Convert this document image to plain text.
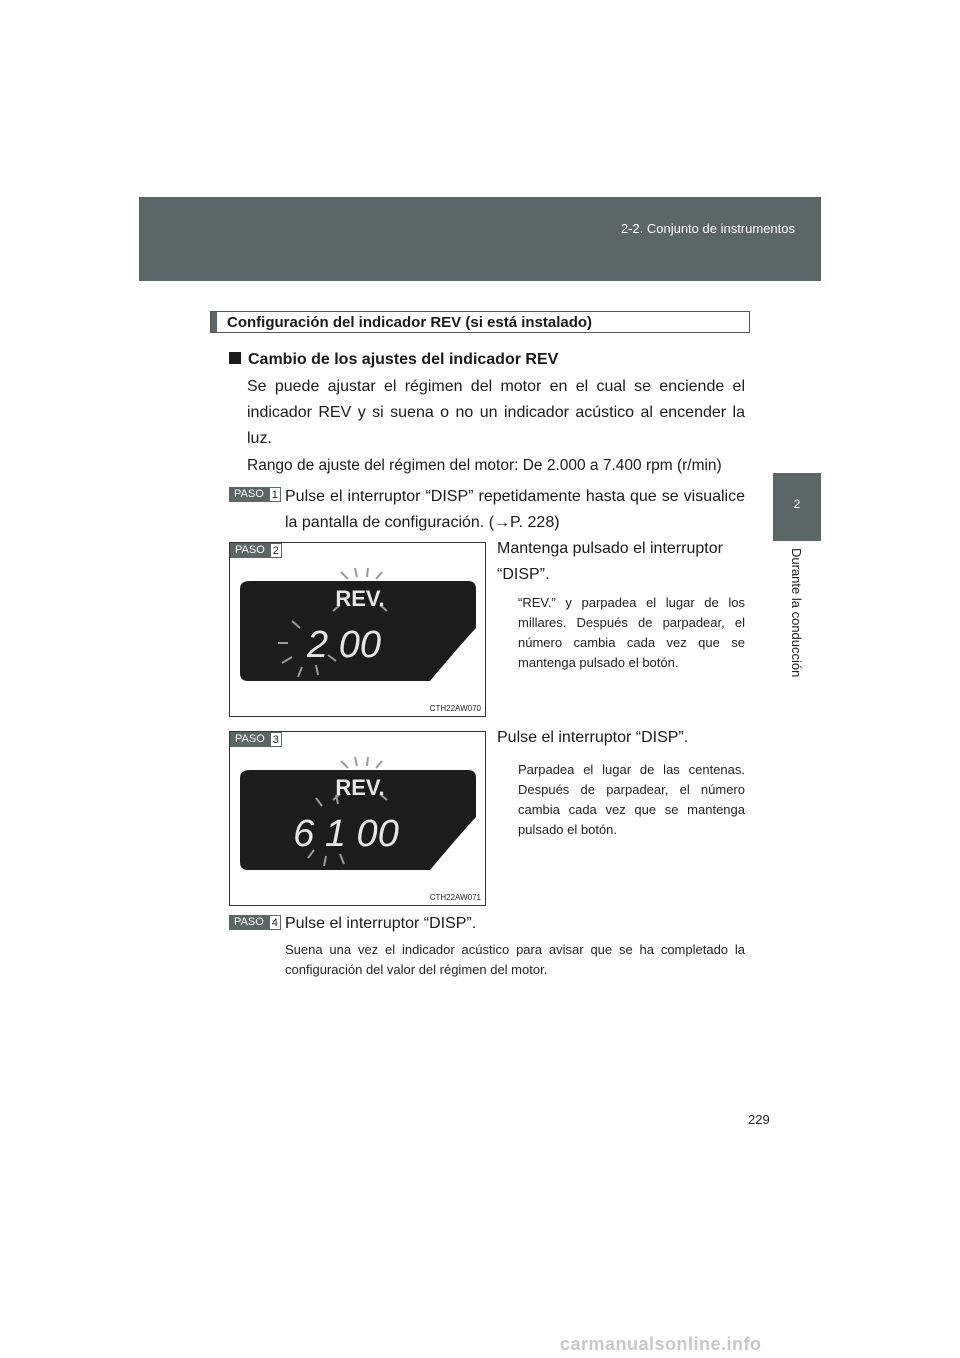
2-2. Conjunto de instrumentos
2
Durante la conducción
Configuración del indicador REV (si está instalado)
Cambio de los ajustes del indicador REV
Se puede ajustar el régimen del motor en el cual se enciende el indicador REV y si suena o no un indicador acústico al encender la luz.
Rango de ajuste del régimen del motor: De 2.000 a 7.400 rpm (r/min)
PASO 1 Pulse el interruptor “DISP” repetidamente hasta que se visualice la pantalla de configuración. (→P. 228)
PASO 2
REV.
2 00
CTH22AW070
Mantenga pulsado el interruptor “DISP”.
“REV.” y parpadea el lugar de los millares. Después de parpadear, el número cambia cada vez que se mantenga pulsado el botón.
PASO 3
REV.
6 1 00
CTH22AW071
Pulse el interruptor “DISP”.
Parpadea el lugar de las centenas. Después de parpadear, el número cambia cada vez que se mantenga pulsado el botón.
PASO 4 Pulse el interruptor “DISP”.
Suena una vez el indicador acústico para avisar que se ha completado la configuración del valor del régimen del motor.
229
carmanualsonline.info
